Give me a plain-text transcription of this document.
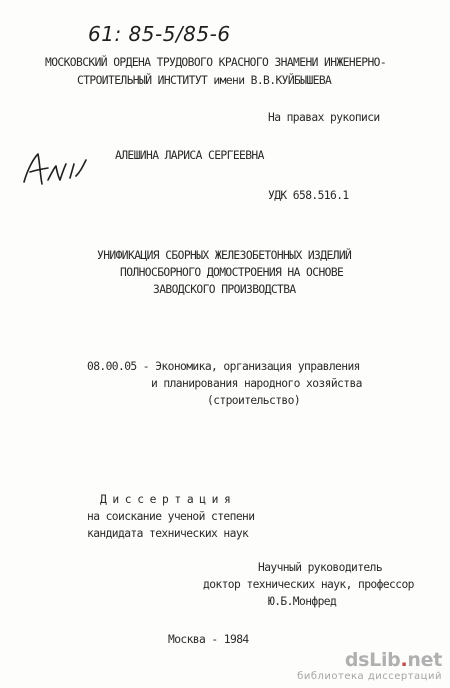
61: 85-5/85-6
МОСКОВСКИЙ ОРДЕНА ТРУДОВОГО КРАСНОГО ЗНАМЕНИ ИНЖЕНЕРНО-
СТРОИТЕЛЬНЫЙ ИНСТИТУТ имени В.В.КУЙБЫШЕВА
На правах рукописи
АЛЕШИНА ЛАРИСА СЕРГЕЕВНА
УДК 658.516.1
УНИФИКАЦИЯ СБОРНЫХ ЖЕЛЕЗОБЕТОННЫХ ИЗДЕЛИЙ
ПОЛНОСБОРНОГО ДОМОСТРОЕНИЯ НА ОСНОВЕ
ЗАВОДСКОГО ПРОИЗВОДСТВА
08.00.05 - Экономика, организация управления
и планирования народного хозяйства
(строительство)
Д и с с е р т а ц и я
на соискание ученой степени
кандидата технических наук
Научный руководитель
доктор технических наук, профессор
Ю.Б.Монфред
Москва - 1984
dsLib.net
библиотека диссертаций
